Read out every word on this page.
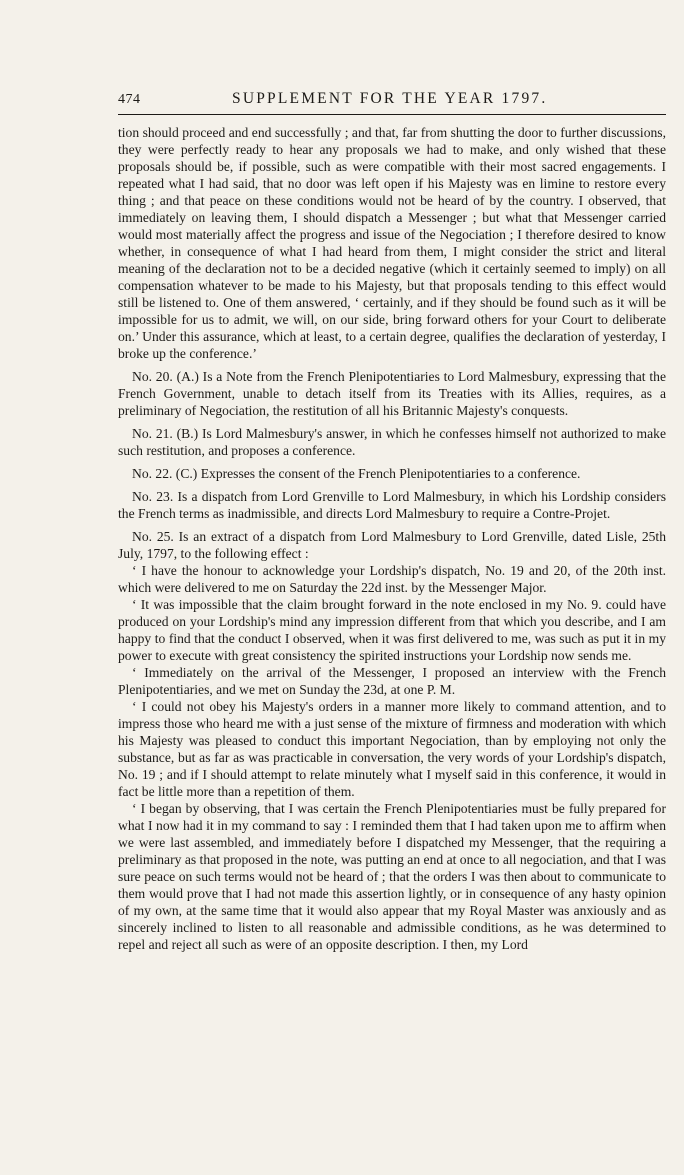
474	SUPPLEMENT FOR THE YEAR 1797.

tion should proceed and end successfully ; and that, far from shutting the door to further discussions, they were perfectly ready to hear any proposals we had to make, and only wished that these proposals should be, if possible, such as were compatible with their most sacred engagements. I repeated what I had said, that no door was left open if his Majesty was en limine to restore every thing ; and that peace on these conditions would not be heard of by the country. I observed, that immediately on leaving them, I should dispatch a Messenger ; but what that Messenger carried would most materially affect the progress and issue of the Negociation ; I therefore desired to know whether, in consequence of what I had heard from them, I might consider the strict and literal meaning of the declaration not to be a decided negative (which it certainly seemed to imply) on all compensation whatever to be made to his Majesty, but that proposals tending to this effect would still be listened to. One of them answered, ‘ certainly, and if they should be found such as it will be impossible for us to admit, we will, on our side, bring forward others for your Court to deliberate on.’ Under this assurance, which at least, to a certain degree, qualifies the declaration of yesterday, I broke up the conference.’

No. 20. (A.) Is a Note from the French Plenipotentiaries to Lord Malmesbury, expressing that the French Government, unable to detach itself from its Treaties with its Allies, requires, as a preliminary of Negociation, the restitution of all his Britannic Majesty's conquests.

No. 21. (B.) Is Lord Malmesbury's answer, in which he confesses himself not authorized to make such restitution, and proposes a conference.

No. 22. (C.) Expresses the consent of the French Plenipotentiaries to a conference.

No. 23. Is a dispatch from Lord Grenville to Lord Malmesbury, in which his Lordship considers the French terms as inadmissible, and directs Lord Malmesbury to require a Contre-Projet.

No. 25. Is an extract of a dispatch from Lord Malmesbury to Lord Grenville, dated Lisle, 25th July, 1797, to the following effect :

‘ I have the honour to acknowledge your Lordship's dispatch, No. 19 and 20, of the 20th inst. which were delivered to me on Saturday the 22d inst. by the Messenger Major.

‘ It was impossible that the claim brought forward in the note enclosed in my No. 9. could have produced on your Lordship's mind any impression different from that which you describe, and I am happy to find that the conduct I observed, when it was first delivered to me, was such as put it in my power to execute with great consistency the spirited instructions your Lordship now sends me.

‘ Immediately on the arrival of the Messenger, I proposed an interview with the French Plenipotentiaries, and we met on Sunday the 23d, at one P. M.

‘ I could not obey his Majesty's orders in a manner more likely to command attention, and to impress those who heard me with a just sense of the mixture of firmness and moderation with which his Majesty was pleased to conduct this important Negociation, than by employing not only the substance, but as far as was practicable in conversation, the very words of your Lordship's dispatch, No. 19 ; and if I should attempt to relate minutely what I myself said in this conference, it would in fact be little more than a repetition of them.

‘ I began by observing, that I was certain the French Plenipotentiaries must be fully prepared for what I now had it in my command to say : I reminded them that I had taken upon me to affirm when we were last assembled, and immediately before I dispatched my Messenger, that the requiring a preliminary as that proposed in the note, was putting an end at once to all negociation, and that I was sure peace on such terms would not be heard of ; that the orders I was then about to communicate to them would prove that I had not made this assertion lightly, or in consequence of any hasty opinion of my own, at the same time that it would also appear that my Royal Master was anxiously and as sincerely inclined to listen to all reasonable and admissible conditions, as he was determined to repel and reject all such as were of an opposite description. I then, my Lord
